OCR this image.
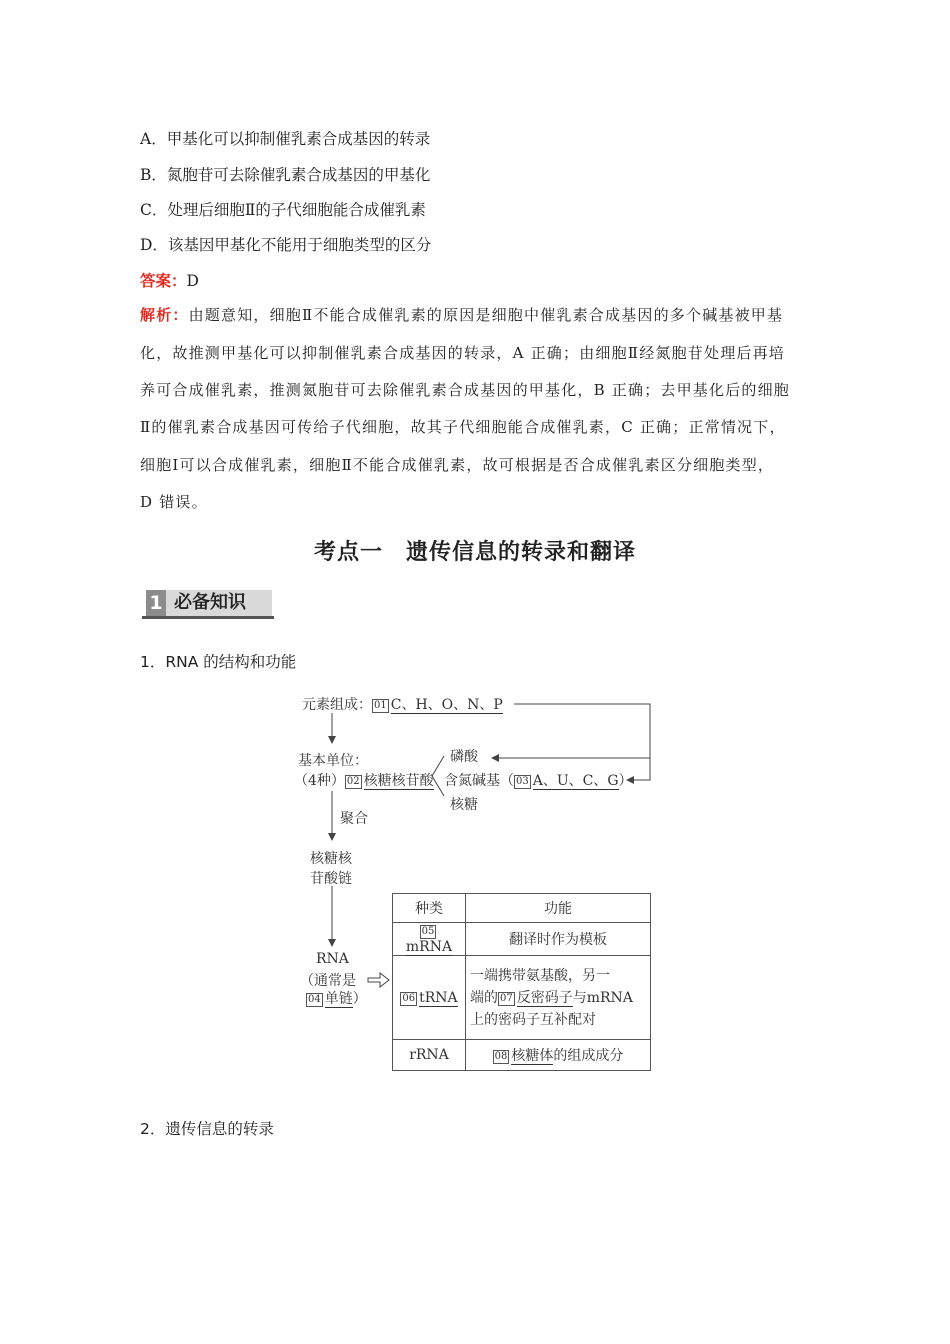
A．甲基化可以抑制催乳素合成基因的转录
B．氮胞苷可去除催乳素合成基因的甲基化
C．处理后细胞Ⅱ的子代细胞能合成催乳素
D．该基因甲基化不能用于细胞类型的区分
答案：D
解析：由题意知，细胞Ⅱ不能合成催乳素的原因是细胞中催乳素合成基因的多个碱基被甲基
化，故推测甲基化可以抑制催乳素合成基因的转录，A 正确；由细胞Ⅱ经氮胞苷处理后再培
养可合成催乳素，推测氮胞苷可去除催乳素合成基因的甲基化，B 正确；去甲基化后的细胞
Ⅱ的催乳素合成基因可传给子代细胞，故其子代细胞能合成催乳素，C 正确；正常情况下，
细胞Ⅰ可以合成催乳素，细胞Ⅱ不能合成催乳素，故可根据是否合成催乳素区分细胞类型，
D 错误。
考点一　遗传信息的转录和翻译
1 必备知识
1．RNA 的结构和功能
元素组成： 01 C、H、O、N、P
基本单位：
（4种） 02 核糖核苷酸
磷酸
含氮碱基（ 03 A、U、C、G）
核糖
聚合
核糖核
苷酸链
RNA
（通常是
04 单链）
种类	功能
05mRNA	翻译时作为模板
06 tRNA	一端携带氨基酸，另一
端的 07 反密码子与mRNA
上的密码子互补配对

rRNA	08 核糖体的组成成分
2．遗传信息的转录
